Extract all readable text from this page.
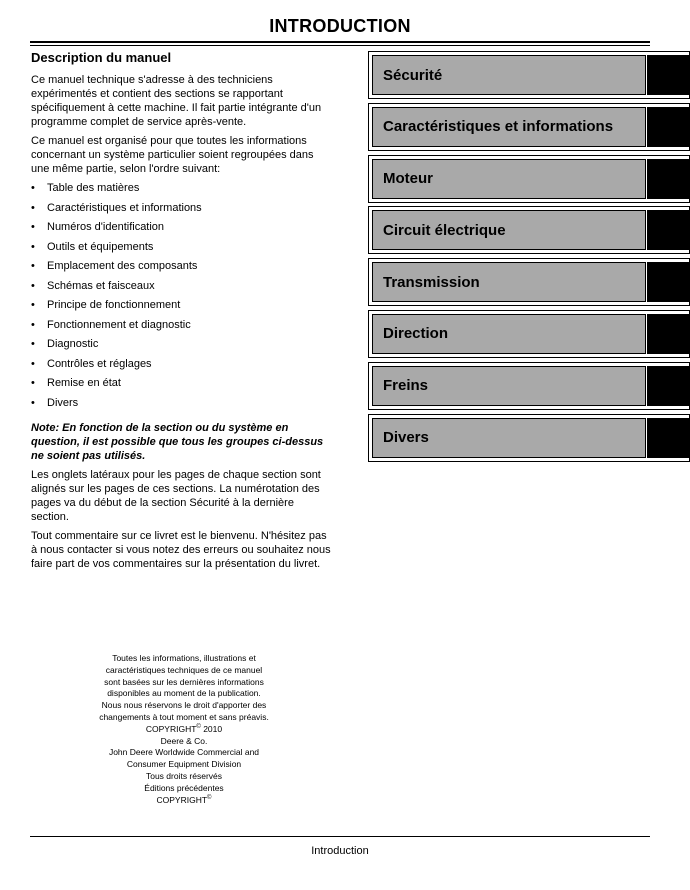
INTRODUCTION
Description du manuel

Ce manuel technique s'adresse à des techniciens expérimentés et contient des sections se rapportant spécifiquement à cette machine. Il fait partie intégrante d'un programme complet de service après-vente.

Ce manuel est organisé pour que toutes les informations concernant un système particulier soient regroupées dans une même partie, selon l'ordre suivant:

• Table des matières
• Caractéristiques et informations
• Numéros d'identification
• Outils et équipements
• Emplacement des composants
• Schémas et faisceaux
• Principe de fonctionnement
• Fonctionnement et diagnostic
• Diagnostic
• Contrôles et réglages
• Remise en état
• Divers

Note: En fonction de la section ou du système en question, il est possible que tous les groupes ci-dessus ne soient pas utilisés.

Les onglets latéraux pour les pages de chaque section sont alignés sur les pages de ces sections. La numérotation des pages va du début de la section Sécurité à la dernière section.

Tout commentaire sur ce livret est le bienvenu. N'hésitez pas à nous contacter si vous notez des erreurs ou souhaitez nous faire part de vos commentaires sur la présentation du livret.

Toutes les informations, illustrations et caractéristiques techniques de ce manuel sont basées sur les dernières informations disponibles au moment de la publication. Nous nous réservons le droit d'apporter des changements à tout moment et sans préavis.
COPYRIGHT© 2010
Deere & Co.
John Deere Worldwide Commercial and Consumer Equipment Division
Tous droits réservés
Éditions précédentes
COPYRIGHT©
Sécurité
Caractéristiques et informations
Moteur
Circuit électrique
Transmission
Direction
Freins
Divers
Introduction
